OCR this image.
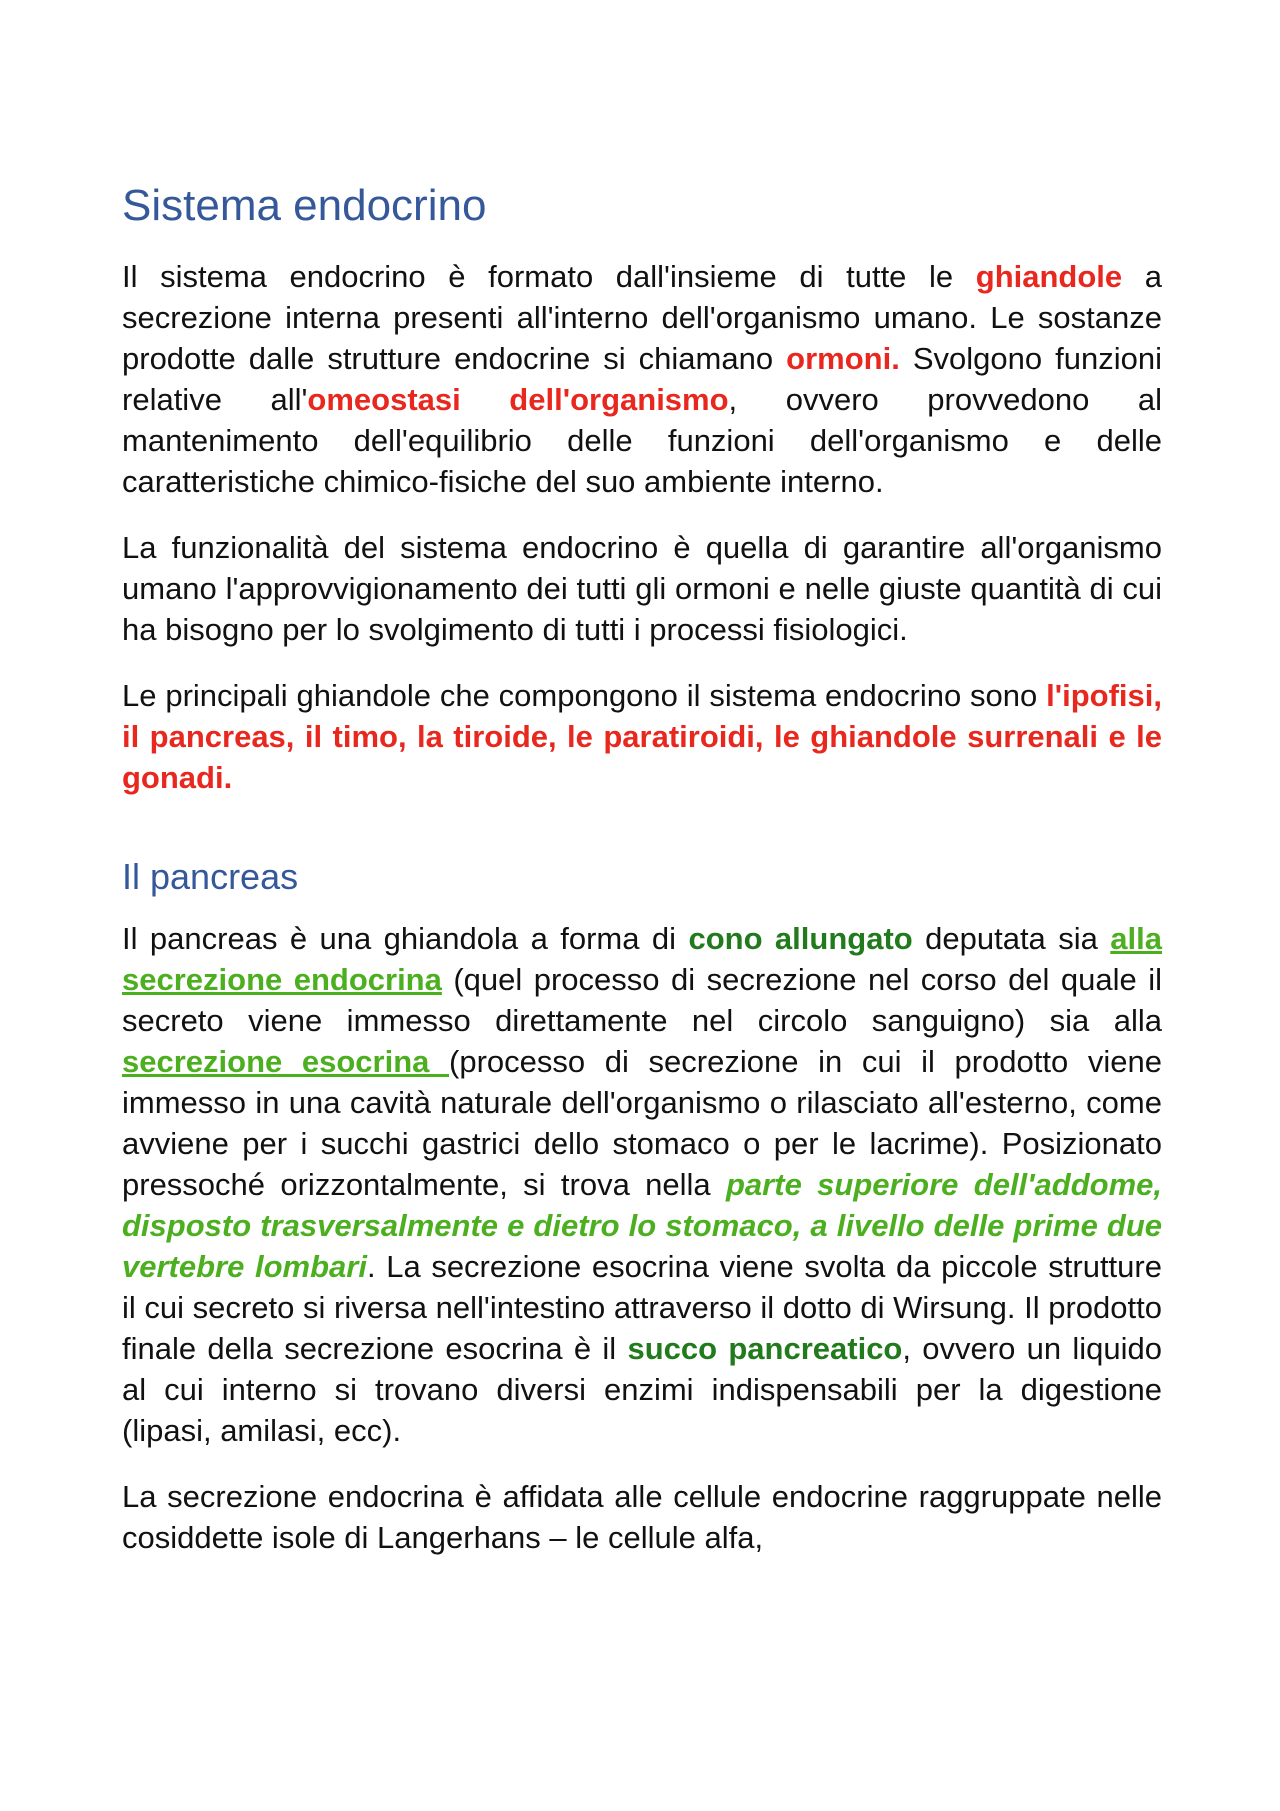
Sistema endocrino

Il sistema endocrino è formato dall'insieme di tutte le ghiandole a secrezione interna presenti all'interno dell'organismo umano. Le sostanze prodotte dalle strutture endocrine si chiamano ormoni. Svolgono funzioni relative all'omeostasi dell'organismo, ovvero provvedono al mantenimento dell'equilibrio delle funzioni dell'organismo e delle caratteristiche chimico-fisiche del suo ambiente interno.

La funzionalità del sistema endocrino è quella di garantire all'organismo umano l'approvvigionamento dei tutti gli ormoni e nelle giuste quantità di cui ha bisogno per lo svolgimento di tutti i processi fisiologici.

Le principali ghiandole che compongono il sistema endocrino sono l'ipofisi, il pancreas, il timo, la tiroide, le paratiroidi, le ghiandole surrenali e le gonadi.

Il pancreas

Il pancreas è una ghiandola a forma di cono allungato deputata sia alla secrezione endocrina (quel processo di secrezione nel corso del quale il secreto viene immesso direttamente nel circolo sanguigno) sia alla secrezione esocrina (processo di secrezione in cui il prodotto viene immesso in una cavità naturale dell'organismo o rilasciato all'esterno, come avviene per i succhi gastrici dello stomaco o per le lacrime). Posizionato pressoché orizzontalmente, si trova nella parte superiore dell'addome, disposto trasversalmente e dietro lo stomaco, a livello delle prime due vertebre lombari. La secrezione esocrina viene svolta da piccole strutture il cui secreto si riversa nell'intestino attraverso il dotto di Wirsung. Il prodotto finale della secrezione esocrina è il succo pancreatico, ovvero un liquido al cui interno si trovano diversi enzimi indispensabili per la digestione (lipasi, amilasi, ecc).

La secrezione endocrina è affidata alle cellule endocrine raggruppate nelle cosiddette isole di Langerhans – le cellule alfa,
